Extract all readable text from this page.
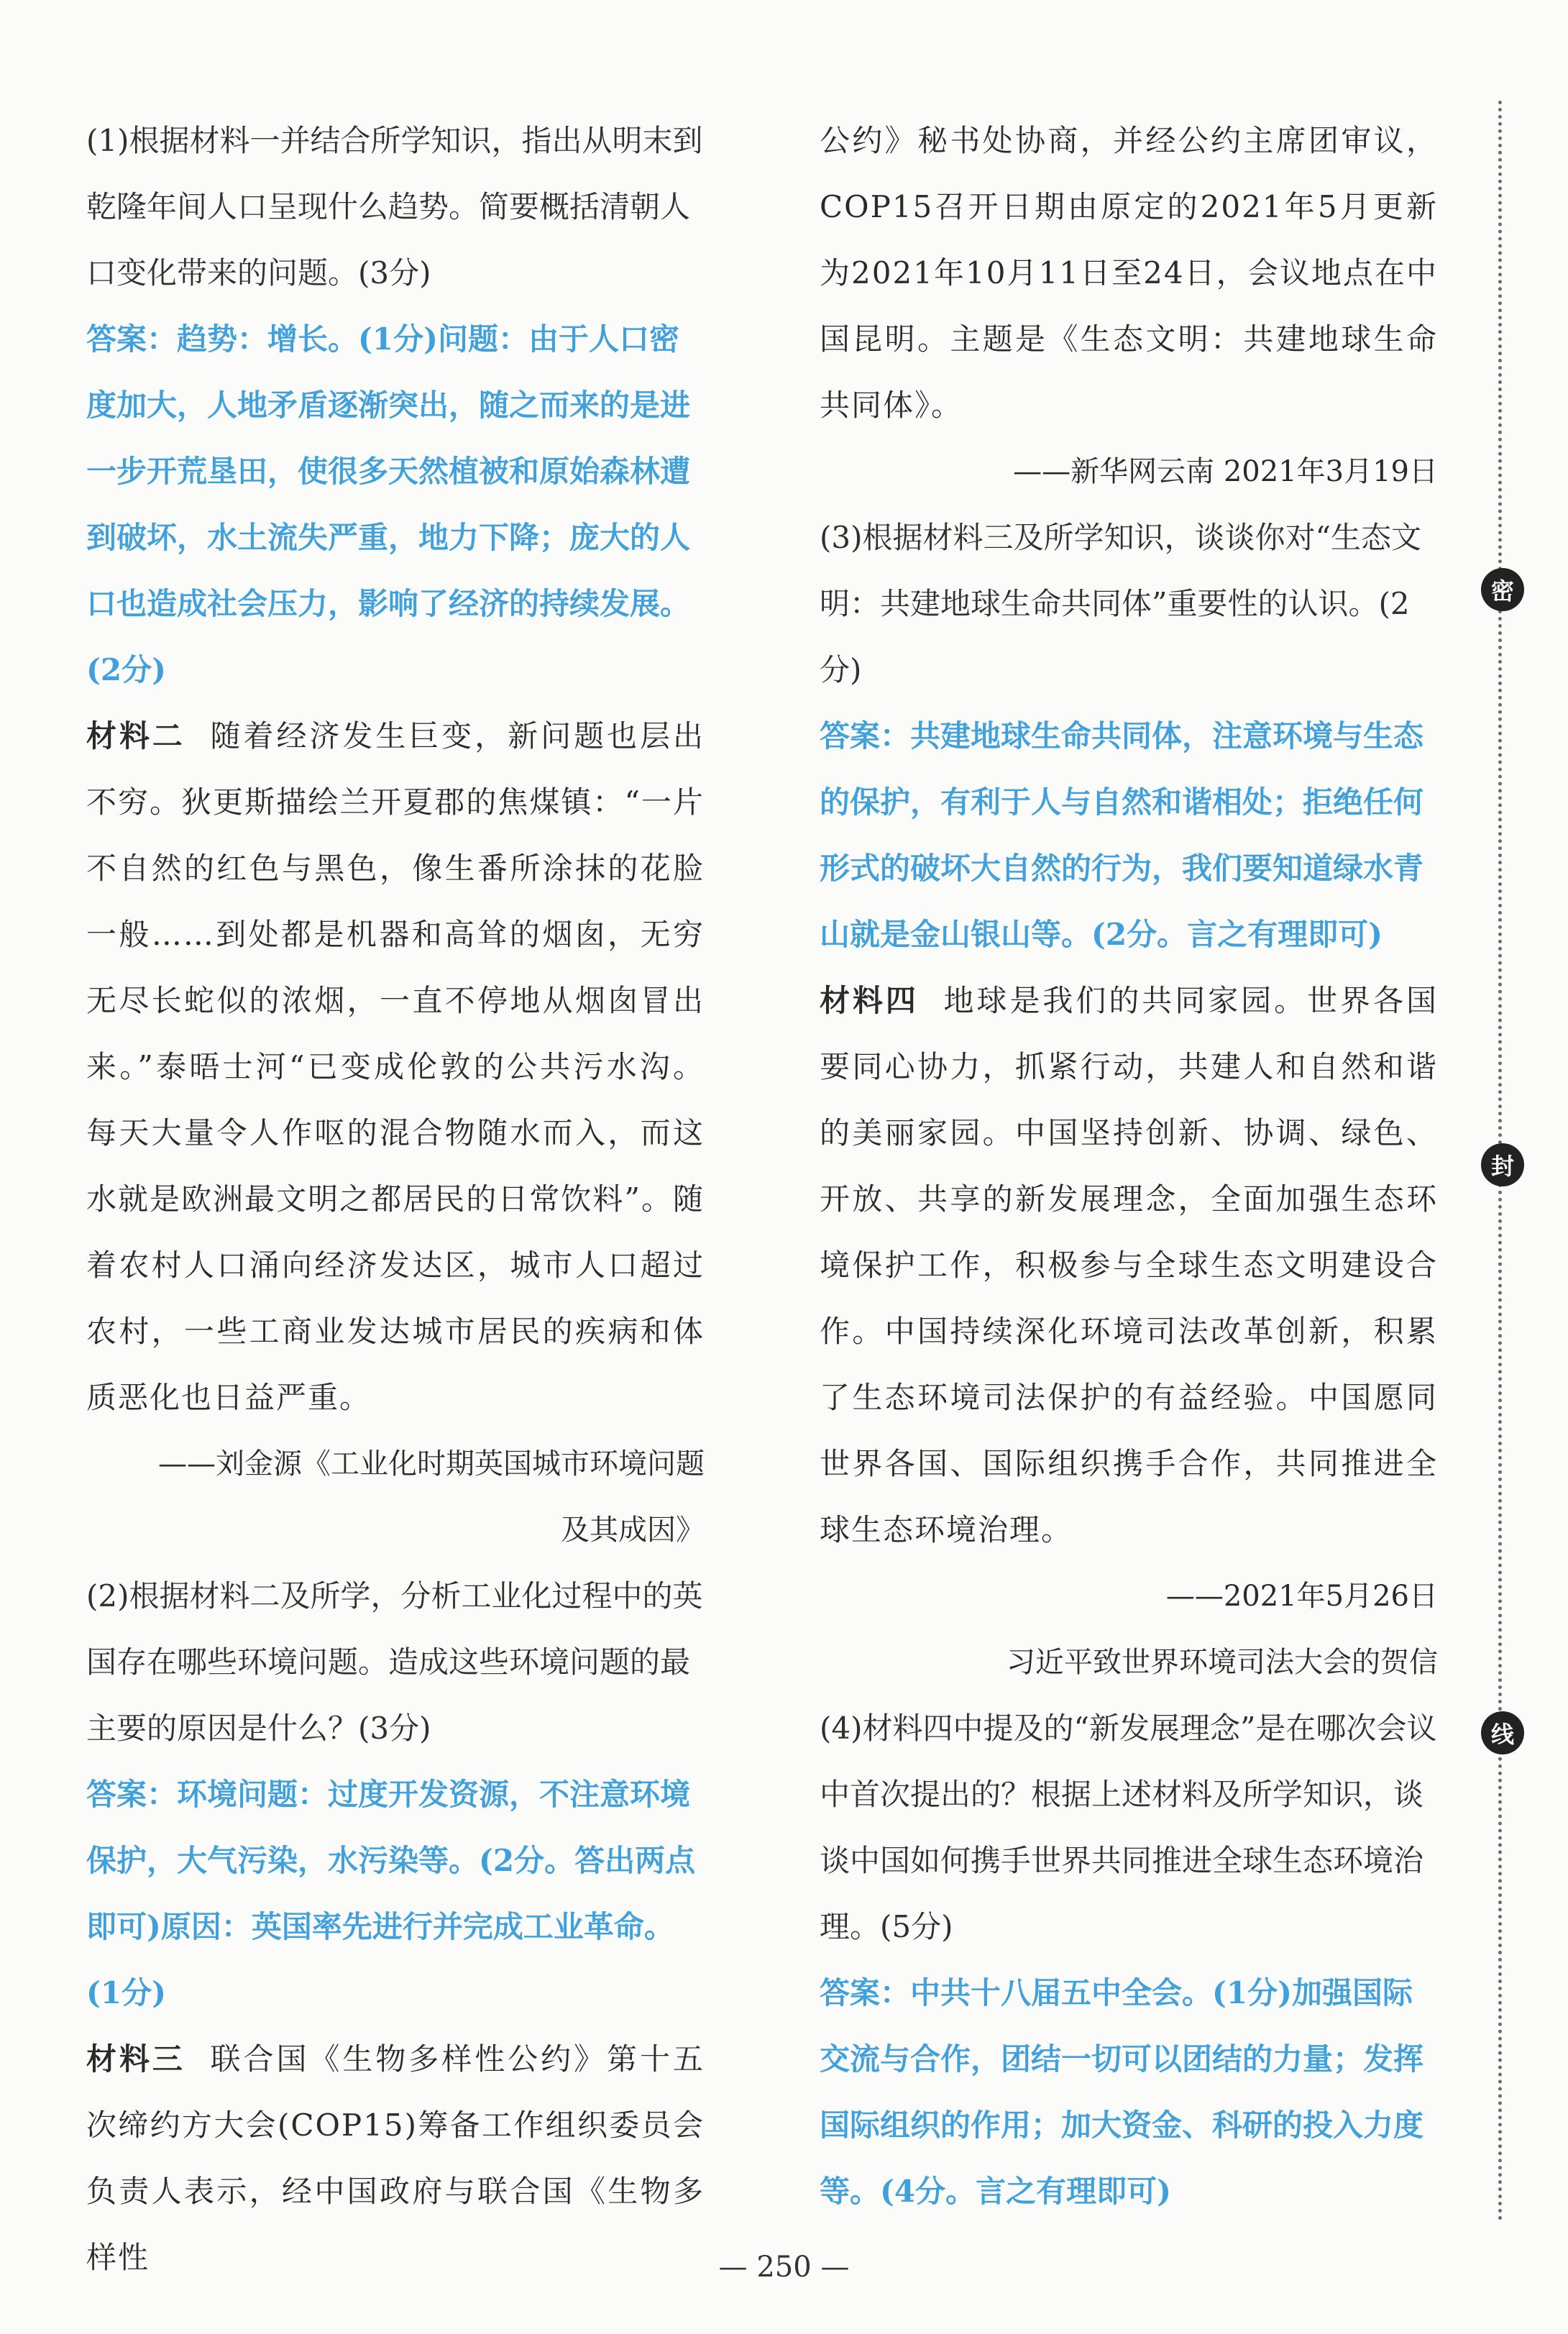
(1)根据材料一并结合所学知识，指出从明末到乾隆年间人口呈现什么趋势。简要概括清朝人口变化带来的问题。(3分)
答案：趋势：增长。(1分)问题：由于人口密度加大，人地矛盾逐渐突出，随之而来的是进一步开荒垦田，使很多天然植被和原始森林遭到破坏，水土流失严重，地力下降；庞大的人口也造成社会压力，影响了经济的持续发展。(2分)
材料二 随着经济发生巨变，新问题也层出不穷。狄更斯描绘兰开夏郡的焦煤镇：“一片不自然的红色与黑色，像生番所涂抹的花脸一般……到处都是机器和高耸的烟囱，无穷无尽长蛇似的浓烟，一直不停地从烟囱冒出来。”泰晤士河“已变成伦敦的公共污水沟。每天大量令人作呕的混合物随水而入，而这水就是欧洲最文明之都居民的日常饮料”。随着农村人口涌向经济发达区，城市人口超过农村，一些工商业发达城市居民的疾病和体质恶化也日益严重。
——刘金源《工业化时期英国城市环境问题
及其成因》
(2)根据材料二及所学，分析工业化过程中的英国存在哪些环境问题。造成这些环境问题的最主要的原因是什么？(3分)
答案：环境问题：过度开发资源，不注意环境保护，大气污染，水污染等。(2分。答出两点即可)原因：英国率先进行并完成工业革命。(1分)
材料三 联合国《生物多样性公约》第十五次缔约方大会(COP15)筹备工作组织委员会负责人表示，经中国政府与联合国《生物多样性
公约》秘书处协商，并经公约主席团审议，COP15召开日期由原定的2021年5月更新为2021年10月11日至24日，会议地点在中国昆明。主题是《生态文明：共建地球生命共同体》。
——新华网云南 2021年3月19日
(3)根据材料三及所学知识，谈谈你对“生态文明：共建地球生命共同体”重要性的认识。(2分)
答案：共建地球生命共同体，注意环境与生态的保护，有利于人与自然和谐相处；拒绝任何形式的破坏大自然的行为，我们要知道绿水青山就是金山银山等。(2分。言之有理即可)
材料四 地球是我们的共同家园。世界各国要同心协力，抓紧行动，共建人和自然和谐的美丽家园。中国坚持创新、协调、绿色、开放、共享的新发展理念，全面加强生态环境保护工作，积极参与全球生态文明建设合作。中国持续深化环境司法改革创新，积累了生态环境司法保护的有益经验。中国愿同世界各国、国际组织携手合作，共同推进全球生态环境治理。
——2021年5月26日
习近平致世界环境司法大会的贺信
(4)材料四中提及的“新发展理念”是在哪次会议中首次提出的？根据上述材料及所学知识，谈谈中国如何携手世界共同推进全球生态环境治理。(5分)
答案：中共十八届五中全会。(1分)加强国际交流与合作，团结一切可以团结的力量；发挥国际组织的作用；加大资金、科研的投入力度等。(4分。言之有理即可)
密
封
线
— 250 —
